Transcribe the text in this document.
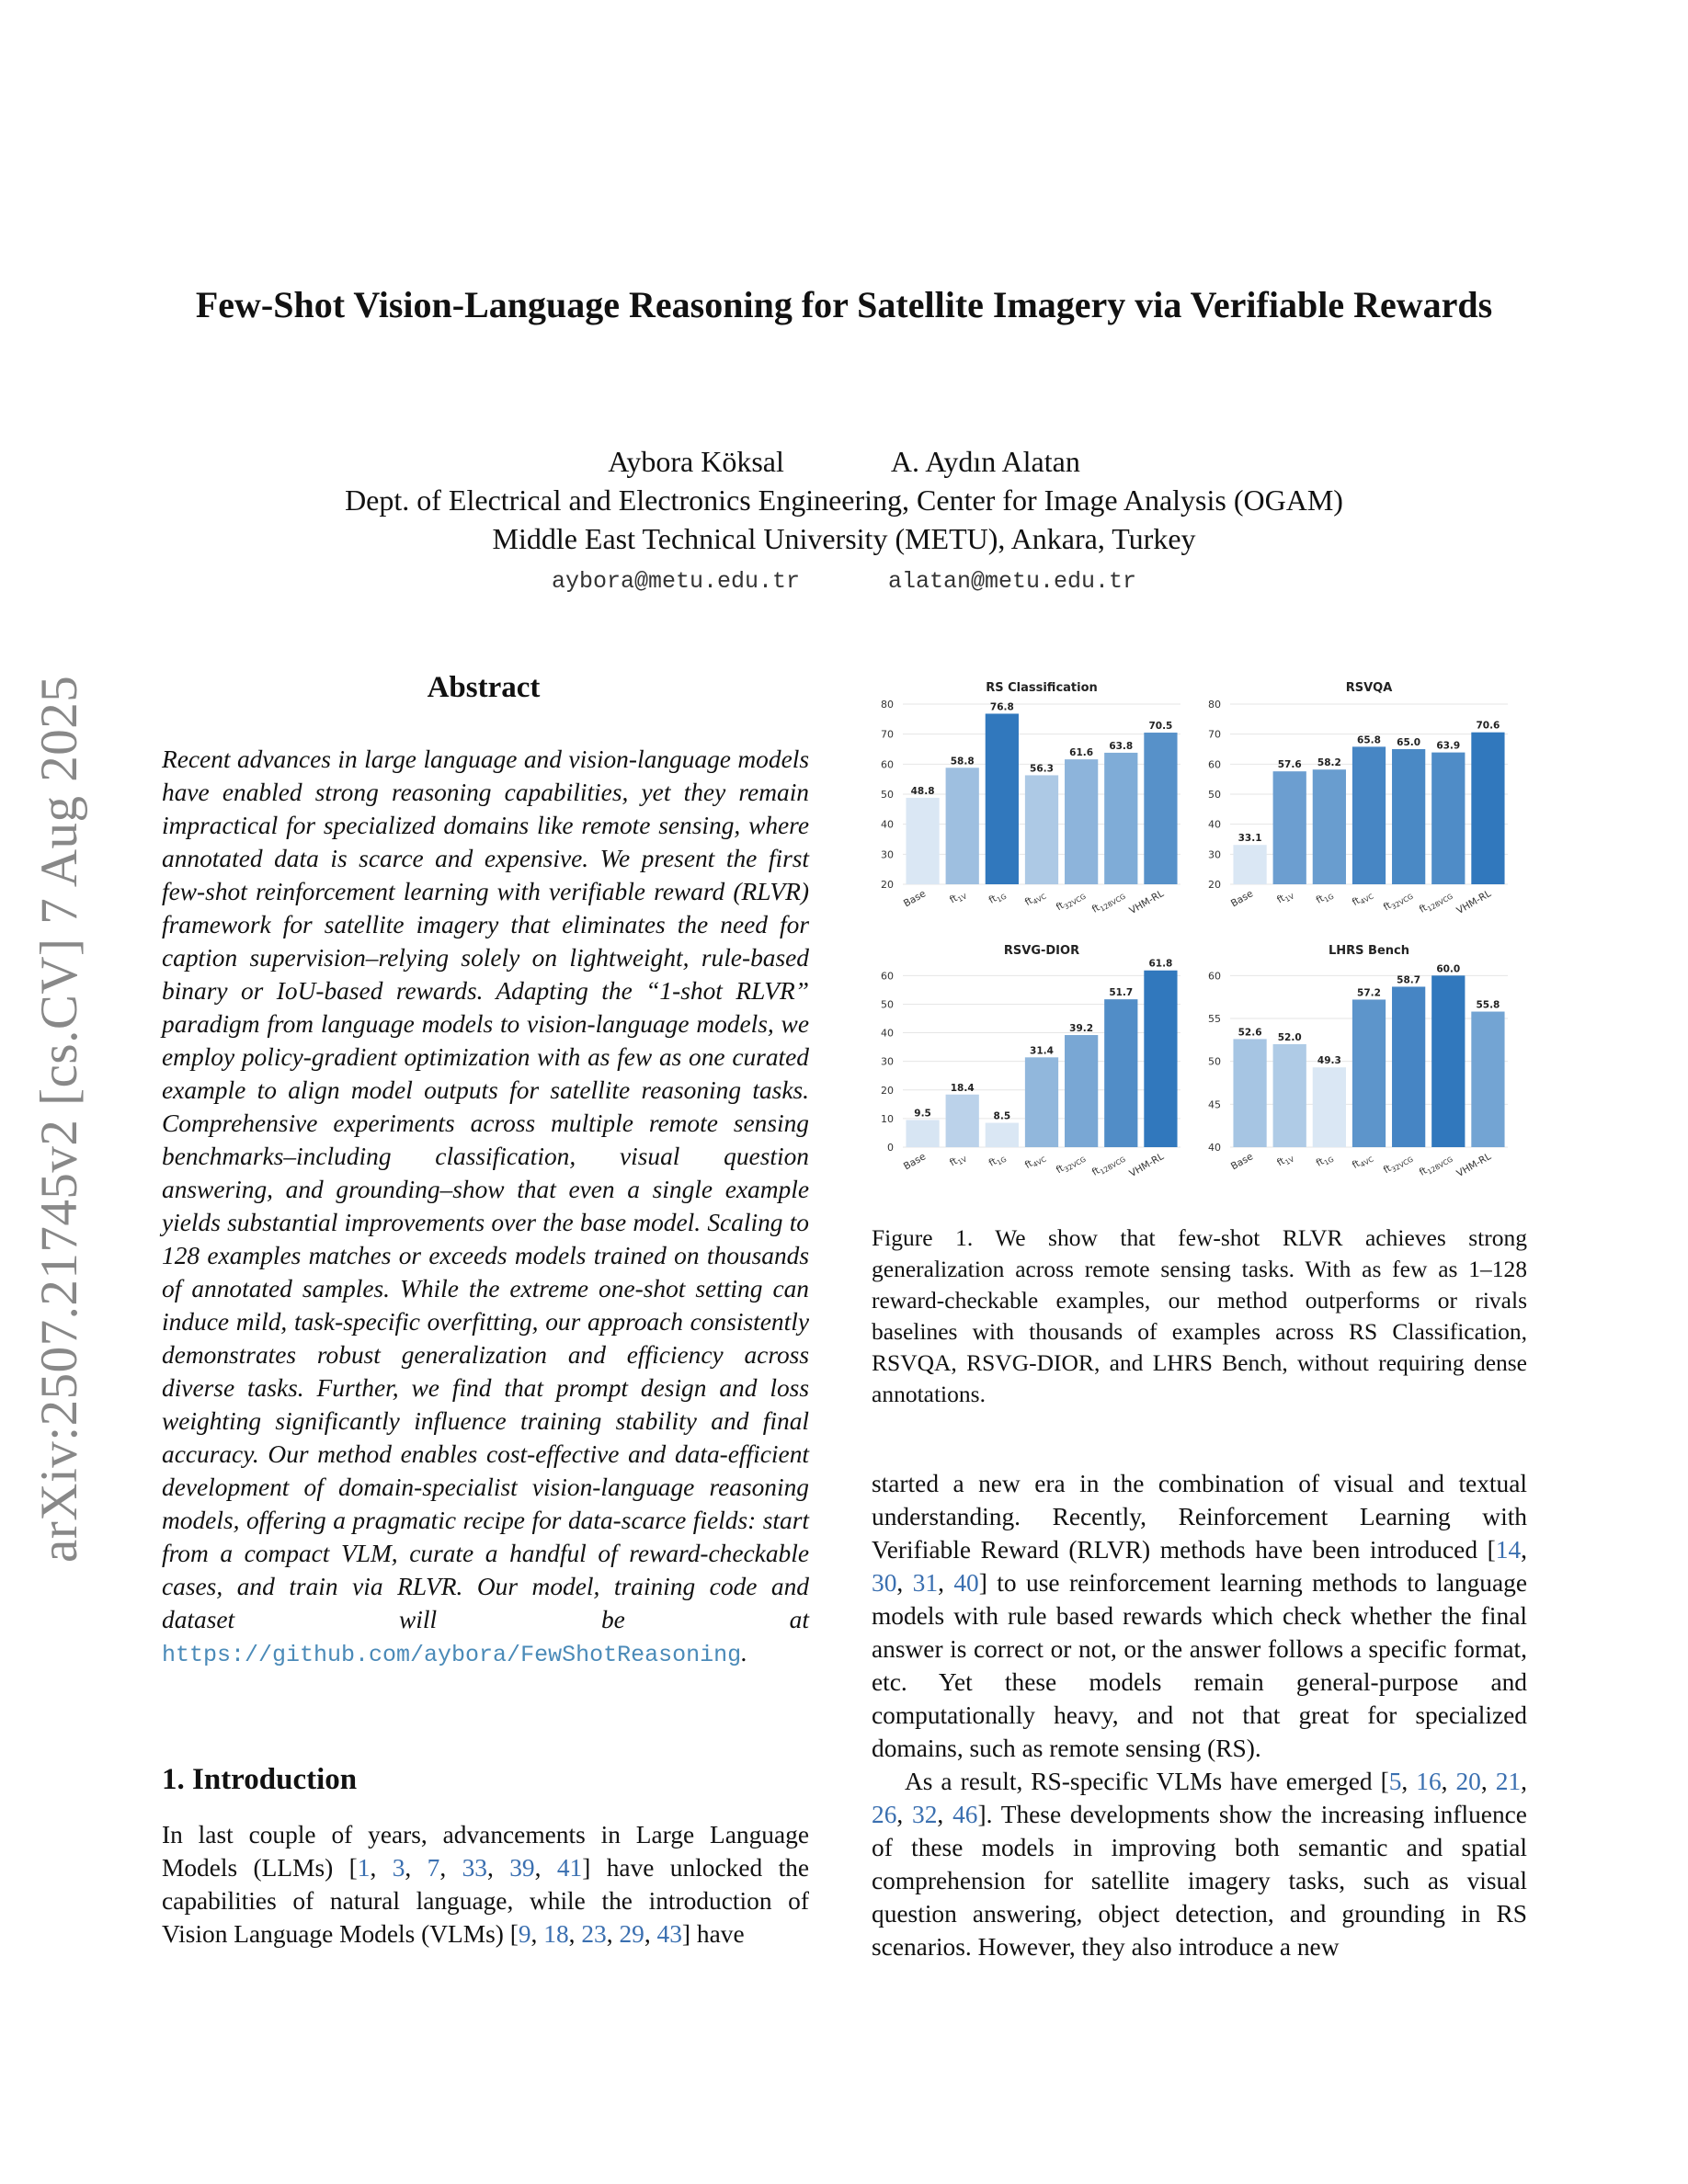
arXiv:2507.21745v2 [cs.CV] 7 Aug 2025
Few-Shot Vision-Language Reasoning for Satellite Imagery via Verifiable Rewards
Aybora Köksal	A. Aydın Alatan
Dept. of Electrical and Electronics Engineering, Center for Image Analysis (OGAM)
Middle East Technical University (METU), Ankara, Turkey
aybora@metu.edu.tr	alatan@metu.edu.tr
Abstract
Recent advances in large language and vision-language models have enabled strong reasoning capabilities, yet they remain impractical for specialized domains like remote sensing, where annotated data is scarce and expensive. We present the first few-shot reinforcement learning with verifiable reward (RLVR) framework for satellite imagery that eliminates the need for caption supervision–relying solely on lightweight, rule-based binary or IoU-based rewards. Adapting the “1-shot RLVR” paradigm from language models to vision-language models, we employ policy-gradient optimization with as few as one curated example to align model outputs for satellite reasoning tasks. Comprehensive experiments across multiple remote sensing benchmarks–including classification, visual question answering, and grounding–show that even a single example yields substantial improvements over the base model. Scaling to 128 examples matches or exceeds models trained on thousands of annotated samples. While the extreme one-shot setting can induce mild, task-specific overfitting, our approach consistently demonstrates robust generalization and efficiency across diverse tasks. Further, we find that prompt design and loss weighting significantly influence training stability and final accuracy. Our method enables cost-effective and data-efficient development of domain-specialist vision-language reasoning models, offering a pragmatic recipe for data-scarce fields: start from a compact VLM, curate a handful of reward-checkable cases, and train via RLVR. Our model, training code and dataset will be at https://github.com/aybora/FewShotReasoning.
1. Introduction
In last couple of years, advancements in Large Language Models (LLMs) [1, 3, 7, 33, 39, 41] have unlocked the capabilities of natural language, while the introduction of Vision Language Models (VLMs) [9, 18, 23, 29, 43] have
RS Classification
20
30
40
50
60
70
80
48.8
Base
58.8
$ft_{1V}$
76.8
$ft_{1G}$
56.3
$ft_{4VC}$
61.6
$ft_{32VCG}$
63.8
$ft_{128VCG}$
70.5
VHM-RL
RSVQA
20
30
40
50
60
70
80
33.1
Base
57.6
$ft_{1V}$
58.2
$ft_{1G}$
65.8
$ft_{4VC}$
65.0
$ft_{32VCG}$
63.9
$ft_{128VCG}$
70.6
VHM-RL
RSVG-DIOR
0
10
20
30
40
50
60
9.5
Base
18.4
$ft_{1V}$
8.5
$ft_{1G}$
31.4
$ft_{4VC}$
39.2
$ft_{32VCG}$
51.7
$ft_{128VCG}$
61.8
VHM-RL
LHRS Bench
40
45
50
55
60
52.6
Base
52.0
$ft_{1V}$
49.3
$ft_{1G}$
57.2
$ft_{4VC}$
58.7
$ft_{32VCG}$
60.0
$ft_{128VCG}$
55.8
VHM-RL
Figure 1. We show that few-shot RLVR achieves strong generalization across remote sensing tasks. With as few as 1–128 reward-checkable examples, our method outperforms or rivals baselines with thousands of examples across RS Classification, RSVQA, RSVG-DIOR, and LHRS Bench, without requiring dense annotations.
started a new era in the combination of visual and textual understanding. Recently, Reinforcement Learning with Verifiable Reward (RLVR) methods have been introduced [14, 30, 31, 40] to use reinforcement learning methods to language models with rule based rewards which check whether the final answer is correct or not, or the answer follows a specific format, etc. Yet these models remain general-purpose and computationally heavy, and not that great for specialized domains, such as remote sensing (RS).
As a result, RS-specific VLMs have emerged [5, 16, 20, 21, 26, 32, 46]. These developments show the increasing influence of these models in improving both semantic and spatial comprehension for satellite imagery tasks, such as visual question answering, object detection, and grounding in RS scenarios. However, they also introduce a new
